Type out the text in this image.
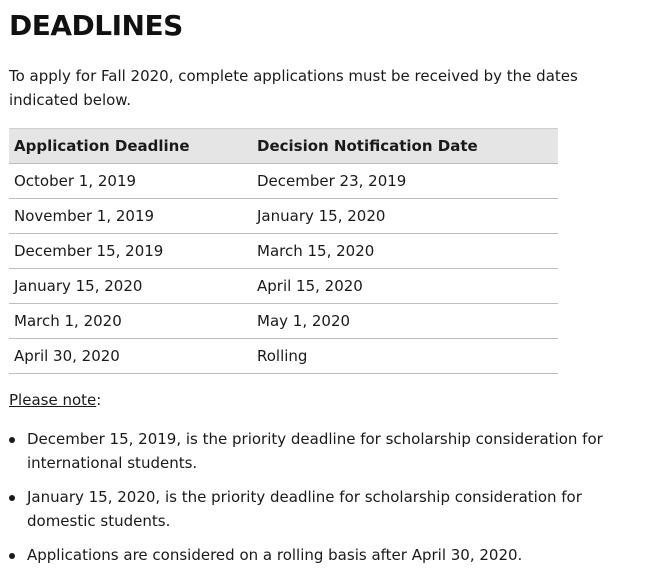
DEADLINES

To apply for Fall 2020, complete applications must be received by the dates indicated below.

Application Deadline	Decision Notification Date
October 1, 2019	December 23, 2019
November 1, 2019	January 15, 2020
December 15, 2019	March 15, 2020
January 15, 2020	April 15, 2020
March 1, 2020	May 1, 2020
April 30, 2020	Rolling

Please note:

December 15, 2019, is the priority deadline for scholarship consideration for international students.
January 15, 2020, is the priority deadline for scholarship consideration for domestic students.
Applications are considered on a rolling basis after April 30, 2020.
